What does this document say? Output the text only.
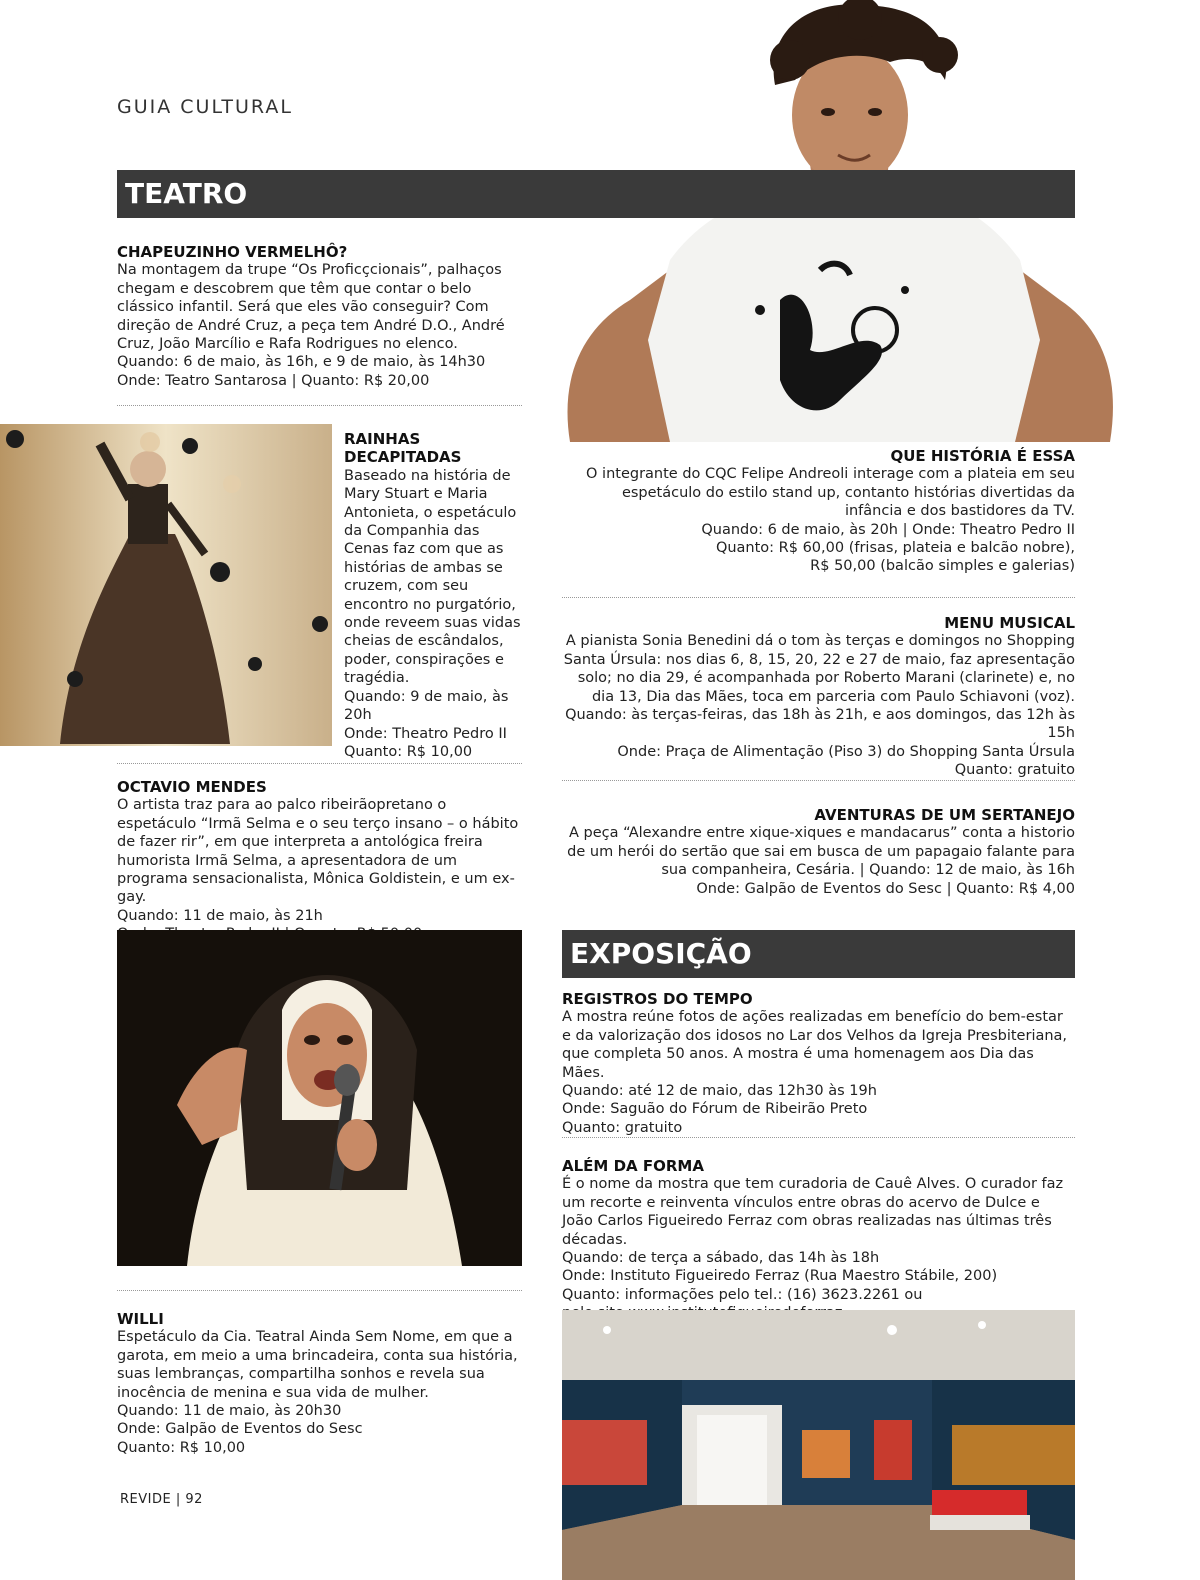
GUIA CULTURAL
TEATRO
CHAPEUZINHO VERMELHÔ?

Na montagem da trupe “Os Proficçcionais”, palhaços chegam e descobrem que têm que contar o belo clássico infantil. Será que eles vão conseguir? Com direção de André Cruz, a peça tem André D.O., André Cruz, João Marcílio e Rafa Rodrigues no elenco.

Quando: 6 de maio, às 16h, e 9 de maio, às 14h30

Onde: Teatro Santarosa | Quanto: R$ 20,00

RAINHAS DECAPITADAS

Baseado na história de Mary Stuart e Maria Antonieta, o espetáculo da Companhia das Cenas faz com que as histórias de ambas se cruzem, com seu encontro no purgatório, onde reveem suas vidas cheias de escândalos, poder, conspirações e tragédia.

Quando: 9 de maio, às 20h

Onde: Theatro Pedro II

Quanto: R$ 10,00

OCTAVIO MENDES

O artista traz para ao palco ribeirãopretano o espetáculo “Irmã Selma e o seu terço insano – o hábito de fazer rir”, em que interpreta a antológica freira humorista Irmã Selma, a apresentadora de um programa sensacionalista, Mônica Goldistein, e um ex-gay.

Quando: 11 de maio, às 21h

WILLI

Espetáculo da Cia. Teatral Ainda Sem Nome, em que a garota, em meio a uma brincadeira, conta sua história, suas lembranças, compartilha sonhos e revela sua inocência de menina e sua vida de mulher.

Quando: 11 de maio, às 20h30

Onde: Galpão de Eventos do Sesc

Quanto: R$ 10,00

REVIDE | 92
QUE HISTÓRIA É ESSA

O integrante do CQC Felipe Andreoli interage com a plateia em seu espetáculo do estilo stand up, contanto histórias divertidas da infância e dos bastidores da TV.

Quando: 6 de maio, às 20h | Onde: Theatro Pedro II

Quanto: R$ 60,00 (frisas, plateia e balcão nobre),

R$ 50,00 (balcão simples e galerias)

MENU MUSICAL

A pianista Sonia Benedini dá o tom às terças e domingos no Shopping Santa Úrsula: nos dias 6, 8, 15, 20, 22 e 27 de maio, faz apresentação solo; no dia 29, é acompanhada por Roberto Marani (clarinete) e, no dia 13, Dia das Mães, toca em parceria com Paulo Schiavoni (voz).

Quando: às terças-feiras, das 18h às 21h, e aos domingos, das 12h às 15h

Onde: Praça de Alimentação (Piso 3) do Shopping Santa Úrsula

Quanto: gratuito

AVENTURAS DE UM SERTANEJO

A peça “Alexandre entre xique-xiques e mandacarus” conta a historio de um herói do sertão que sai em busca de um papagaio falante para sua companheira, Cesária. | Quando: 12 de maio, às 16h

Onde: Galpão de Eventos do Sesc | Quanto: R$ 4,00

EXPOSIÇÃO
REGISTROS DO TEMPO

A mostra reúne fotos de ações realizadas em benefício do bem-estar e da valorização dos idosos no Lar dos Velhos da Igreja Presbiteriana, que completa 50 anos. A mostra é uma homenagem aos Dia das Mães.

Quando: até 12 de maio, das 12h30 às 19h

Onde: Saguão do Fórum de Ribeirão Preto

Quanto: gratuito

ALÉM DA FORMA

É o nome da mostra que tem curadoria de Cauê Alves. O curador faz um recorte e reinventa vínculos entre obras do acervo de Dulce e João Carlos Figueiredo Ferraz com obras realizadas nas últimas três décadas.

Quando: de terça a sábado, das 14h às 18h

Onde: Instituto Figueiredo Ferraz (Rua Maestro Stábile, 200)

Quanto: informações pelo tel.: (16) 3623.2261 ou
